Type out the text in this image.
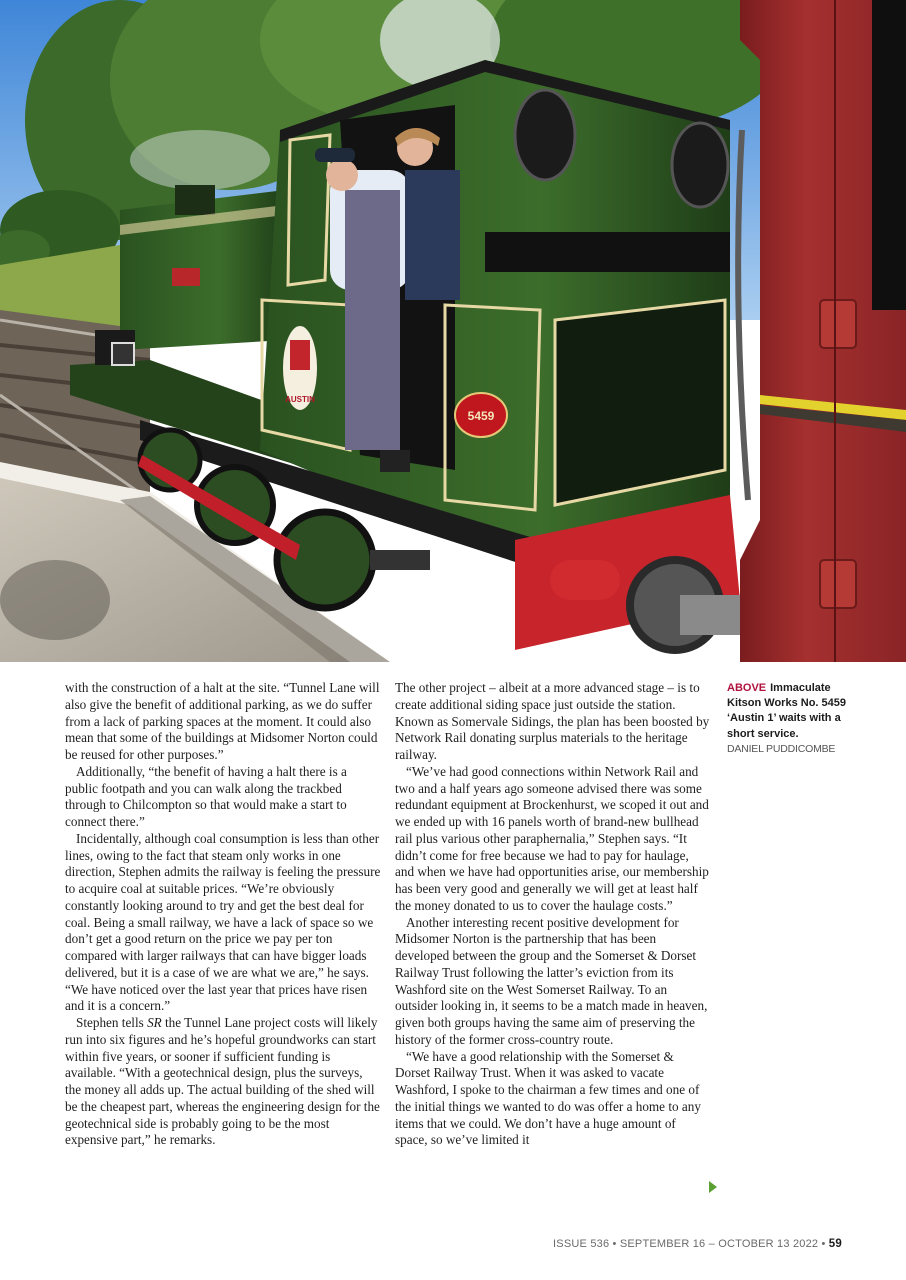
AUSTIN
5459

with the construction of a halt at the site. “Tunnel Lane will also give the benefit of additional parking, as we do suffer from a lack of parking spaces at the moment. It could also mean that some of the buildings at Midsomer Norton could be reused for other purposes.”

Additionally, “the benefit of having a halt there is a public footpath and you can walk along the trackbed through to Chilcompton so that would make a start to connect there.”

Incidentally, although coal consumption is less than other lines, owing to the fact that steam only works in one direction, Stephen admits the railway is feeling the pressure to acquire coal at suitable prices. “We’re obviously constantly looking around to try and get the best deal for coal. Being a small railway, we have a lack of space so we don’t get a good return on the price we pay per ton compared with larger railways that can have bigger loads delivered, but it is a case of we are what we are,” he says. “We have noticed over the last year that prices have risen and it is a concern.”

Stephen tells SR the Tunnel Lane project costs will likely run into six figures and he’s hopeful groundworks can start within five years, or sooner if sufficient funding is available. “With a geotechnical design, plus the surveys, the money all adds up. The actual building of the shed will be the cheapest part, whereas the engineering design for the geotechnical side is probably going to be the most expensive part,” he remarks.

The other project – albeit at a more advanced stage – is to create additional siding space just outside the station. Known as Somervale Sidings, the plan has been boosted by Network Rail donating surplus materials to the heritage railway.

“We’ve had good connections within Network Rail and two and a half years ago someone advised there was some redundant equipment at Brockenhurst, we scoped it out and we ended up with 16 panels worth of brand-new bullhead rail plus various other paraphernalia,” Stephen says. “It didn’t come for free because we had to pay for haulage, and when we have had opportunities arise, our membership has been very good and generally we will get at least half the money donated to us to cover the haulage costs.”

Another interesting recent positive development for Midsomer Norton is the partnership that has been developed between the group and the Somerset & Dorset Railway Trust following the latter’s eviction from its Washford site on the West Somerset Railway. To an outsider looking in, it seems to be a match made in heaven, given both groups having the same aim of preserving the history of the former cross-country route.

“We have a good relationship with the Somerset & Dorset Railway Trust. When it was asked to vacate Washford, I spoke to the chairman a few times and one of the initial things we wanted to do was offer a home to any items that we could. We don’t have a huge amount of space, so we’ve limited it

ABOVE Immaculate Kitson Works No. 5459 ‘Austin 1’ waits with a short service.
DANIEL PUDDICOMBE
ISSUE 536 • SEPTEMBER 16 – OCTOBER 13 2022 • 59
